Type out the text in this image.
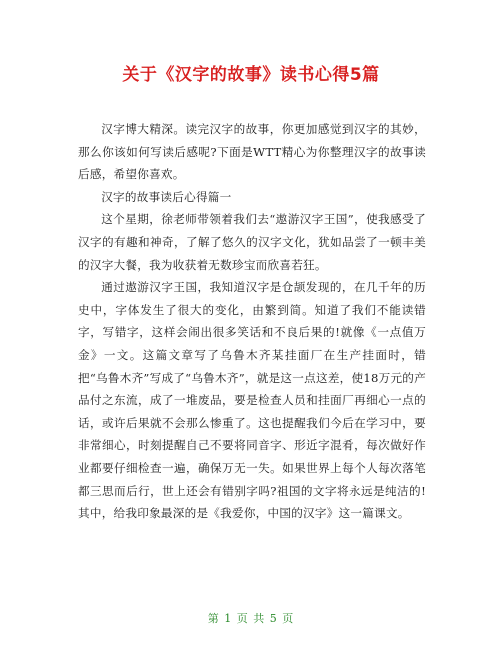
关于《汉字的故事》读书心得5篇

汉字博大精深。读完汉字的故事，你更加感觉到汉字的其妙，那么你该如何写读后感呢?下面是WTT精心为你整理汉字的故事读后感，希望你喜欢。

汉字的故事读后心得篇一

这个星期，徐老师带领着我们去“遨游汉字王国”，使我感受了汉字的有趣和神奇，了解了悠久的汉字文化，犹如品尝了一顿丰美的汉字大餐，我为收获着无数珍宝而欣喜若狂。

通过遨游汉字王国，我知道汉字是仓颉发现的，在几千年的历史中，字体发生了很大的变化，由繁到简。知道了我们不能读错字，写错字，这样会闹出很多笑话和不良后果的!就像《一点值万金》一文。这篇文章写了乌鲁木齐某挂面厂在生产挂面时，错把“乌鲁木齐”写成了“乌鲁木齐”，就是这一点这差，使18万元的产品付之东流，成了一堆废品，要是检查人员和挂面厂再细心一点的话，或许后果就不会那么惨重了。这也提醒我们今后在学习中，要非常细心，时刻提醒自己不要将同音字、形近字混肴，每次做好作业都要仔细检查一遍，确保万无一失。如果世界上每个人每次落笔都三思而后行，世上还会有错别字吗?祖国的文字将永远是纯洁的!其中，给我印象最深的是《我爱你，中国的汉字》这一篇课文。

第 1 页 共 5 页
